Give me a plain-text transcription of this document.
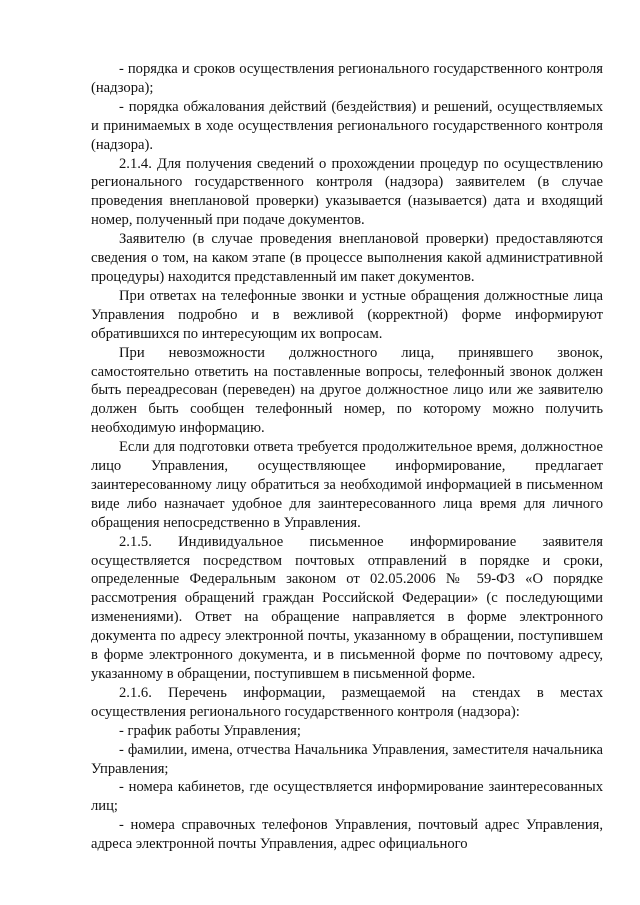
- порядка и сроков осуществления регионального государственного контроля (надзора);

- порядка обжалования действий (бездействия) и решений, осуществляемых и принимаемых в ходе осуществления регионального государственного контроля (надзора).

2.1.4. Для получения сведений о прохождении процедур по осуществлению регионального государственного контроля (надзора) заявителем (в случае проведения внеплановой проверки) указывается (называется) дата и входящий номер, полученный при подаче документов.

Заявителю (в случае проведения внеплановой проверки) предоставляются сведения о том, на каком этапе (в процессе выполнения какой административной процедуры) находится представленный им пакет документов.

При ответах на телефонные звонки и устные обращения должностные лица Управления подробно и в вежливой (корректной) форме информируют обратившихся по интересующим их вопросам.

При невозможности должностного лица, принявшего звонок, самостоятельно ответить на поставленные вопросы, телефонный звонок должен быть переадресован (переведен) на другое должностное лицо или же заявителю должен быть сообщен телефонный номер, по которому можно получить необходимую информацию.

Если для подготовки ответа требуется продолжительное время, должностное лицо Управления, осуществляющее информирование, предлагает заинтересованному лицу обратиться за необходимой информацией в письменном виде либо назначает удобное для заинтересованного лица время для личного обращения непосредственно в Управления.

2.1.5. Индивидуальное письменное информирование заявителя осуществляется посредством почтовых отправлений в порядке и сроки, определенные Федеральным законом от 02.05.2006 № 59-ФЗ «О порядке рассмотрения обращений граждан Российской Федерации» (с последующими изменениями). Ответ на обращение направляется в форме электронного документа по адресу электронной почты, указанному в обращении, поступившем в форме электронного документа, и в письменной форме по почтовому адресу, указанному в обращении, поступившем в письменной форме.

2.1.6. Перечень информации, размещаемой на стендах в местах осуществления регионального государственного контроля (надзора):

- график работы Управления;

- фамилии, имена, отчества Начальника Управления, заместителя начальника Управления;

- номера кабинетов, где осуществляется информирование заинтересованных лиц;

- номера справочных телефонов Управления, почтовый адрес Управления, адреса электронной почты Управления, адрес официального
